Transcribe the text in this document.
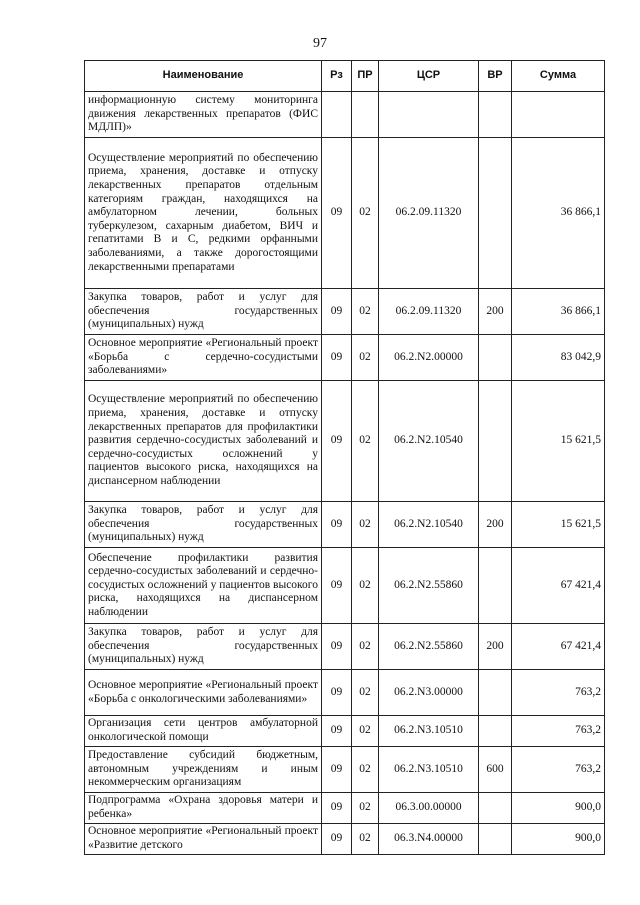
97
Наименование	Рз	ПР	ЦСР	ВР	Сумма
информационную систему мониторинга движения лекарственных препаратов (ФИС МДЛП)»					
Осуществление мероприятий по обеспечению приема, хранения, доставке и отпуску лекарственных препаратов отдельным категориям граждан, находящихся на амбулаторном лечении, больных туберкулезом, сахарным диабетом, ВИЧ и гепатитами В и С, редкими орфанными заболеваниями, а также дорогостоящими лекарственными препаратами	09	02	06.2.09.11320		36 866,1
Закупка товаров, работ и услуг для обеспечения государственных (муниципальных) нужд	09	02	06.2.09.11320	200	36 866,1
Основное мероприятие «Региональный проект «Борьба с сердечно-сосудистыми заболеваниями»	09	02	06.2.N2.00000		83 042,9
Осуществление мероприятий по обеспечению приема, хранения, доставке и отпуску лекарственных препаратов для профилактики развития сердечно-сосудистых заболеваний и сердечно-сосудистых осложнений у пациентов высокого риска, находящихся на диспансерном наблюдении	09	02	06.2.N2.10540		15 621,5
Закупка товаров, работ и услуг для обеспечения государственных (муниципальных) нужд	09	02	06.2.N2.10540	200	15 621,5
Обеспечение профилактики развития сердечно-сосудистых заболеваний и сердечно-сосудистых осложнений у пациентов высокого риска, находящихся на диспансерном наблюдении	09	02	06.2.N2.55860		67 421,4
Закупка товаров, работ и услуг для обеспечения государственных (муниципальных) нужд	09	02	06.2.N2.55860	200	67 421,4
Основное мероприятие «Региональный проект «Борьба с онкологическими заболеваниями»	09	02	06.2.N3.00000		763,2
Организация сети центров амбулаторной онкологической помощи	09	02	06.2.N3.10510		763,2
Предоставление субсидий бюджетным, автономным учреждениям и иным некоммерческим организациям	09	02	06.2.N3.10510	600	763,2
Подпрограмма «Охрана здоровья матери и ребенка»	09	02	06.3.00.00000		900,0
Основное мероприятие «Региональный проект «Развитие детского	09	02	06.3.N4.00000		900,0
